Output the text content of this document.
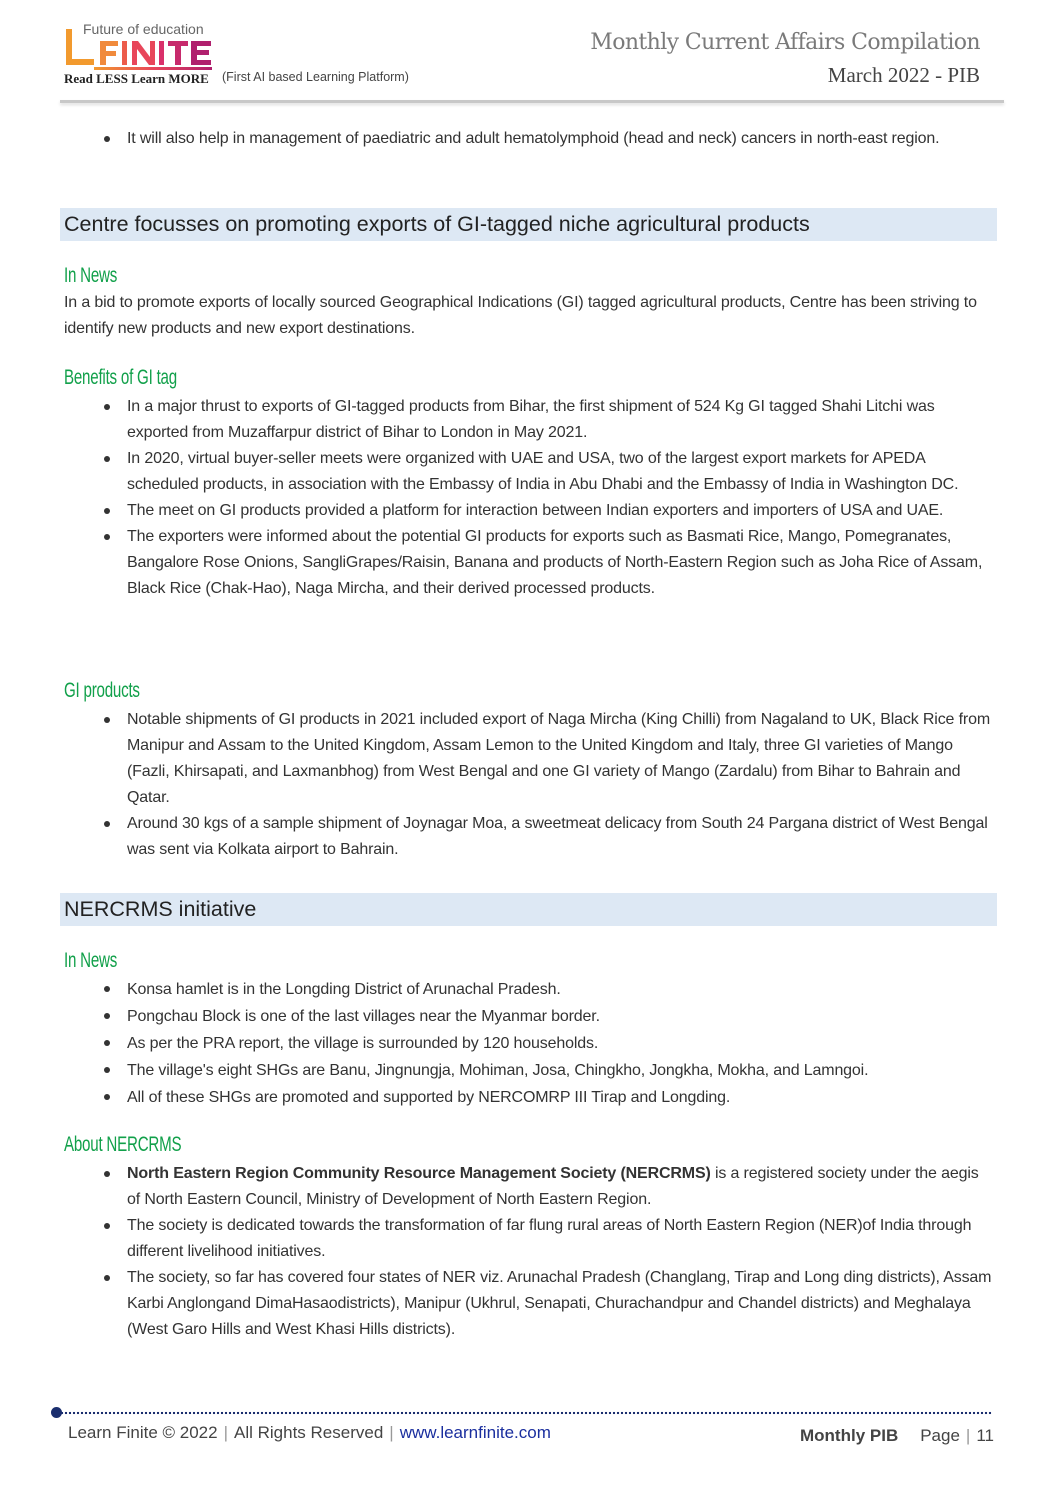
Future of education
Read LESS Learn MORE (First AI based Learning Platform)
Monthly Current Affairs Compilation
March 2022 - PIB
It will also help in management of paediatric and adult hematolymphoid (head and neck) cancers in north-east region.
Centre focusses on promoting exports of GI-tagged niche agricultural products
In News
In a bid to promote exports of locally sourced Geographical Indications (GI) tagged agricultural products, Centre has been striving to identify new products and new export destinations.
Benefits of GI tag
In a major thrust to exports of GI-tagged products from Bihar, the first shipment of 524 Kg GI tagged Shahi Litchi was exported from Muzaffarpur district of Bihar to London in May 2021.
In 2020, virtual buyer-seller meets were organized with UAE and USA, two of the largest export markets for APEDA scheduled products, in association with the Embassy of India in Abu Dhabi and the Embassy of India in Washington DC.
The meet on GI products provided a platform for interaction between Indian exporters and importers of USA and UAE.
The exporters were informed about the potential GI products for exports such as Basmati Rice, Mango, Pomegranates, Bangalore Rose Onions, SangliGrapes/Raisin, Banana and products of North-Eastern Region such as Joha Rice of Assam, Black Rice (Chak-Hao), Naga Mircha, and their derived processed products.
GI products
Notable shipments of GI products in 2021 included export of Naga Mircha (King Chilli) from Nagaland to UK, Black Rice from Manipur and Assam to the United Kingdom, Assam Lemon to the United Kingdom and Italy, three GI varieties of Mango (Fazli, Khirsapati, and Laxmanbhog) from West Bengal and one GI variety of Mango (Zardalu) from Bihar to Bahrain and Qatar.
Around 30 kgs of a sample shipment of Joynagar Moa, a sweetmeat delicacy from South 24 Pargana district of West Bengal was sent via Kolkata airport to Bahrain.
NERCRMS initiative
In News
Konsa hamlet is in the Longding District of Arunachal Pradesh.
Pongchau Block is one of the last villages near the Myanmar border.
As per the PRA report, the village is surrounded by 120 households.
The village's eight SHGs are Banu, Jingnungja, Mohiman, Josa, Chingkho, Jongkha, Mokha, and Lamngoi.
All of these SHGs are promoted and supported by NERCOMRP III Tirap and Longding.
About NERCRMS
North Eastern Region Community Resource Management Society (NERCRMS) is a registered society under the aegis of North Eastern Council, Ministry of Development of North Eastern Region.
The society is dedicated towards the transformation of far flung rural areas of North Eastern Region (NER)of India through different livelihood initiatives.
The society, so far has covered four states of NER viz. Arunachal Pradesh (Changlang, Tirap and Long ding districts), Assam Karbi Anglongand DimaHasaodistricts), Manipur (Ukhrul, Senapati, Churachandpur and Chandel districts) and Meghalaya (West Garo Hills and West Khasi Hills districts).
Learn Finite © 2022 | All Rights Reserved | www.learnfinite.com	Monthly PIB Page | 11
